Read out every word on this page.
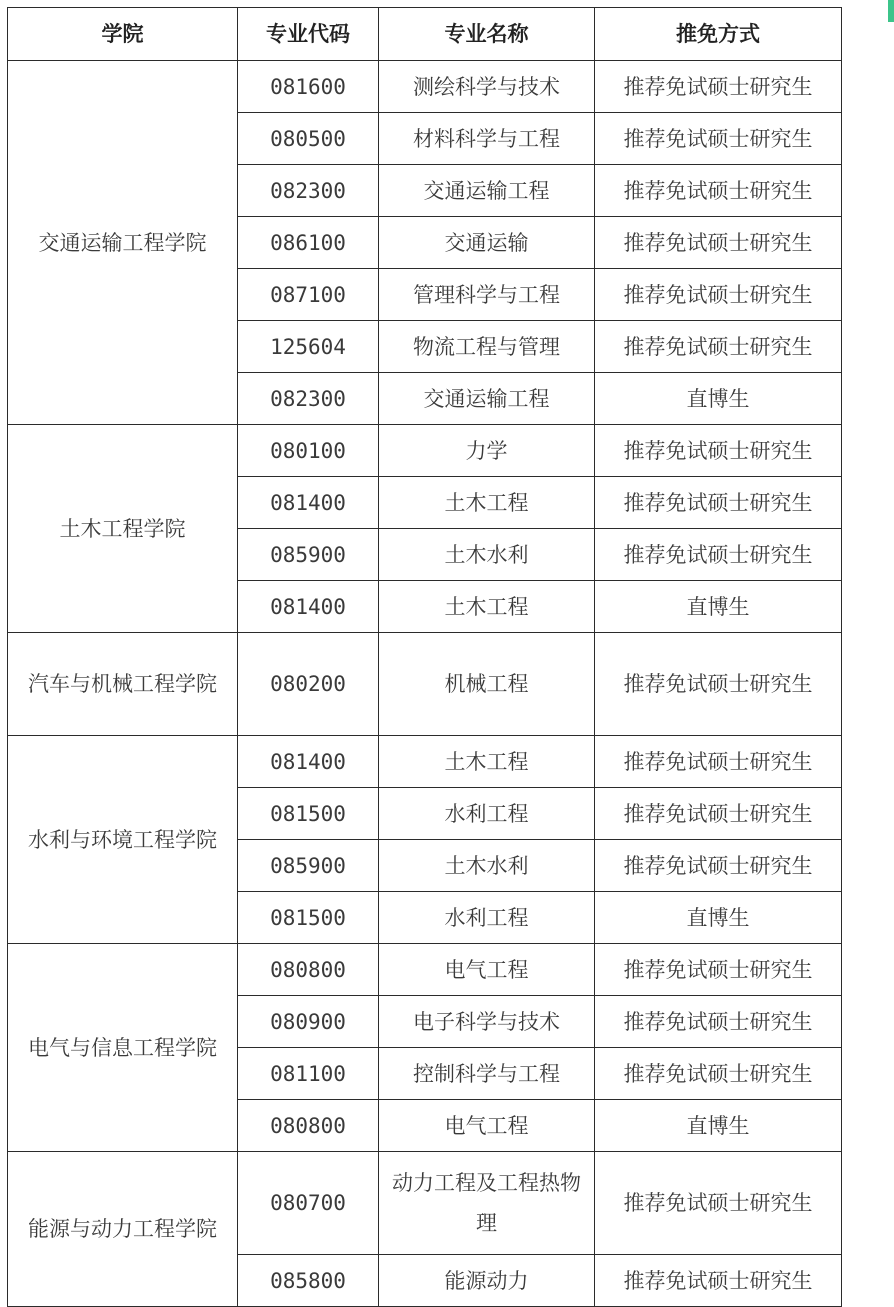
学院	专业代码	专业名称	推免方式
交通运输工程学院	081600	测绘科学与技术	推荐免试硕士研究生
	080500	材料科学与工程	推荐免试硕士研究生
	082300	交通运输工程	推荐免试硕士研究生
	086100	交通运输	推荐免试硕士研究生
	087100	管理科学与工程	推荐免试硕士研究生
	125604	物流工程与管理	推荐免试硕士研究生
	082300	交通运输工程	直博生
土木工程学院	080100	力学	推荐免试硕士研究生
	081400	土木工程	推荐免试硕士研究生
	085900	土木水利	推荐免试硕士研究生
	081400	土木工程	直博生
汽车与机械工程学院	080200	机械工程	推荐免试硕士研究生
水利与环境工程学院	081400	土木工程	推荐免试硕士研究生
	081500	水利工程	推荐免试硕士研究生
	085900	土木水利	推荐免试硕士研究生
	081500	水利工程	直博生
电气与信息工程学院	080800	电气工程	推荐免试硕士研究生
	080900	电子科学与技术	推荐免试硕士研究生
	081100	控制科学与工程	推荐免试硕士研究生
	080800	电气工程	直博生
能源与动力工程学院	080700	动力工程及工程热物理	推荐免试硕士研究生
	085800	能源动力	推荐免试硕士研究生
